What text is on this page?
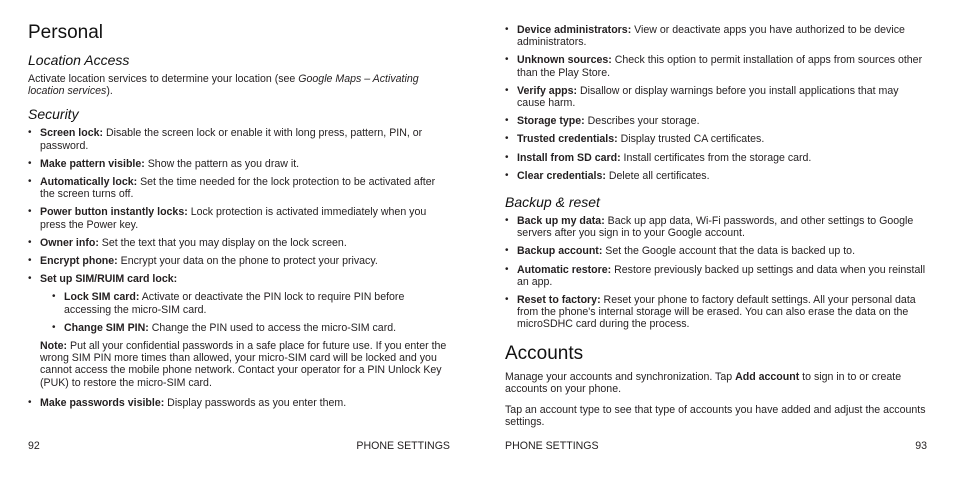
Personal
Location Access

Activate location services to determine your location (see Google Maps – Activating location services).

Security
• Screen lock: Disable the screen lock or enable it with long press, pattern, PIN, or password.
• Make pattern visible: Show the pattern as you draw it.
• Automatically lock: Set the time needed for the lock protection to be activated after the screen turns off.
• Power button instantly locks: Lock protection is activated immediately when you press the Power key.
• Owner info: Set the text that you may display on the lock screen.
• Encrypt phone: Encrypt your data on the phone to protect your privacy.
• Set up SIM/RUIM card lock:
• Lock SIM card: Activate or deactivate the PIN lock to require PIN before accessing the micro-SIM card.
• Change SIM PIN: Change the PIN used to access the micro-SIM card.

Note: Put all your confidential passwords in a safe place for future use. If you enter the wrong SIM PIN more times than allowed, your micro-SIM card will be locked and you cannot access the mobile phone network. Contact your operator for a PIN Unlock Key (PUK) to restore the micro-SIM card.

• Make passwords visible: Display passwords as you enter them.
92	PHONE SETTINGS
• Device administrators: View or deactivate apps you have authorized to be device administrators.
• Unknown sources: Check this option to permit installation of apps from sources other than the Play Store.
• Verify apps: Disallow or display warnings before you install applications that may cause harm.
• Storage type: Describes your storage.
• Trusted credentials: Display trusted CA certificates.
• Install from SD card: Install certificates from the storage card.
• Clear credentials: Delete all certificates.
Backup & reset
• Back up my data: Back up app data, Wi-Fi passwords, and other settings to Google servers after you sign in to your Google account.
• Backup account: Set the Google account that the data is backed up to.
• Automatic restore: Restore previously backed up settings and data when you reinstall an app.
• Reset to factory: Reset your phone to factory default settings. All your personal data from the phone's internal storage will be erased. You can also erase the data on the microSDHC card during the process.
Accounts

Manage your accounts and synchronization. Tap Add account to sign in to or create accounts on your phone.

Tap an account type to see that type of accounts you have added and adjust the accounts settings.

PHONE SETTINGS	93
